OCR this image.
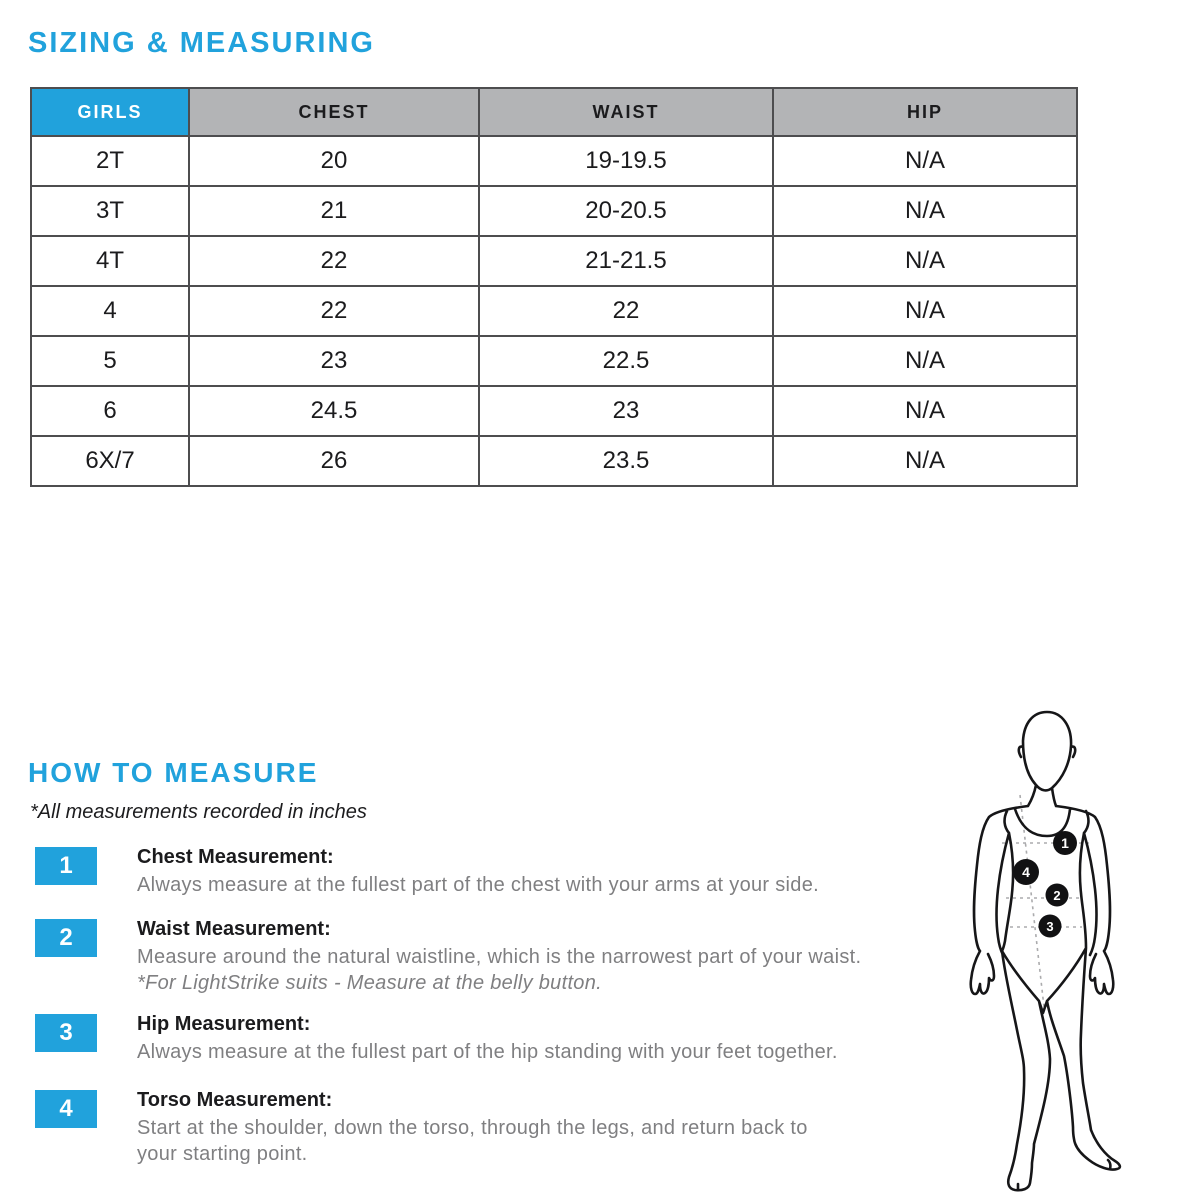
SIZING & MEASURING
GIRLS	CHEST	WAIST	HIP
2T	20	19-19.5	N/A
3T	21	20-20.5	N/A
4T	22	21-21.5	N/A
4	22	22	N/A
5	23	22.5	N/A
6	24.5	23	N/A
6X/7	26	23.5	N/A
HOW TO MEASURE
*All measurements recorded in inches
1	Chest Measurement:
Always measure at the fullest part of the chest with your arms at your side.
2	Waist Measurement:
Measure around the natural waistline, which is the narrowest part of your waist.
*For LightStrike suits - Measure at the belly button.
3	Hip Measurement:
Always measure at the fullest part of the hip standing with your feet together.
4	Torso Measurement:
Start at the shoulder, down the torso, through the legs, and return back to
your starting point.
1
4
2
3
